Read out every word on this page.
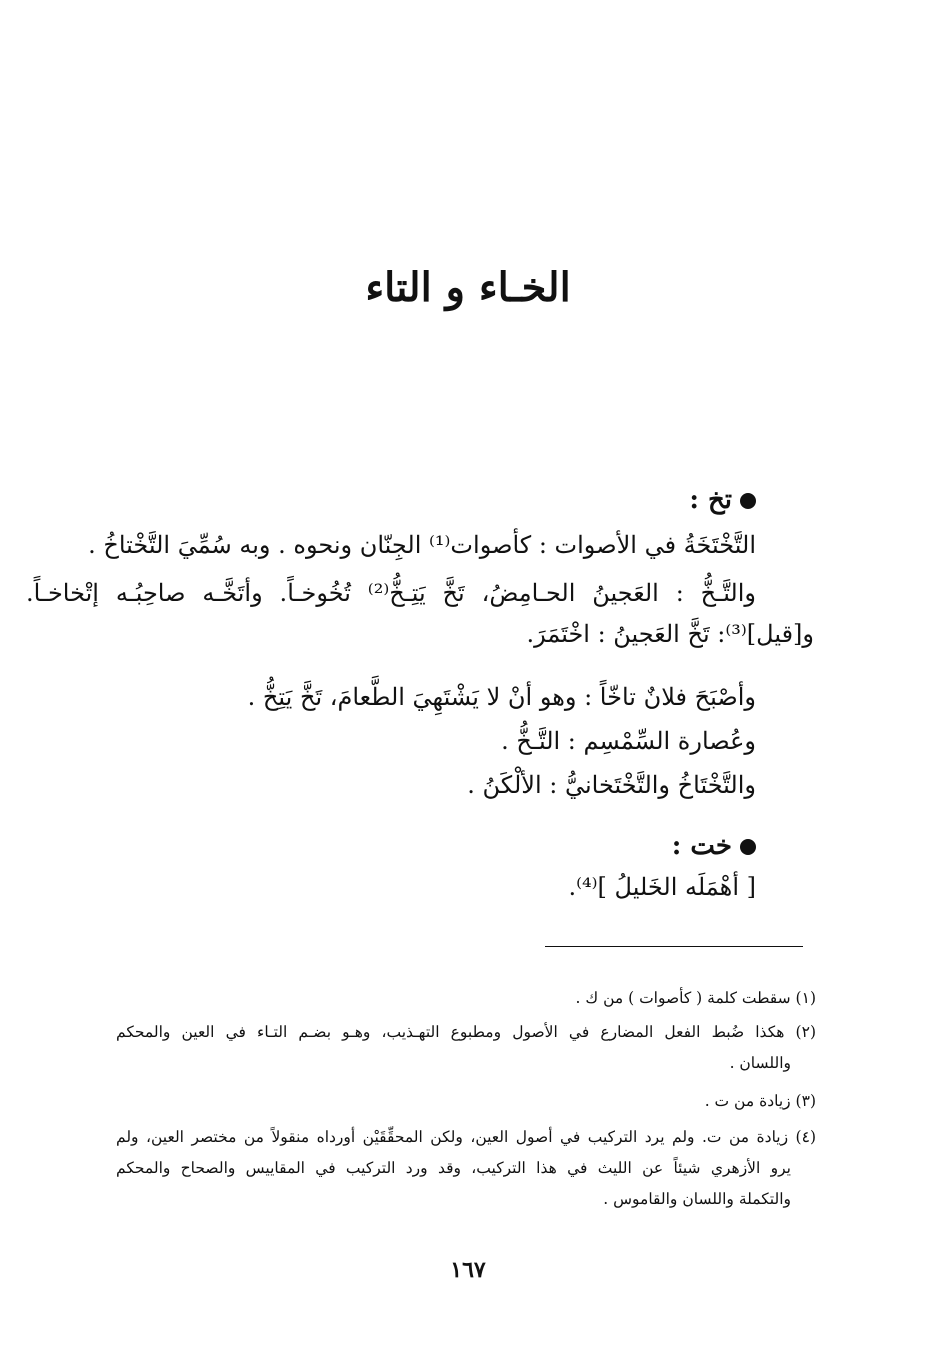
الخـاء و التاء
تخ :
التَّخْتَخَةُ في الأصوات : كأصوات⁽¹⁾ الجِنّان ونحوه . وبه سُمِّيَ التَّخْتاخُ .
والتَّـخُّ : العَجينُ الحـامِضُ، تَخَّ يَتِـخُّ⁽²⁾ تُخُوخـاً. وأتَخَّـه صاحِبُـه إتْخاخـاً.
و[قيل]⁽³⁾: تَخَّ العَجينُ : اخْتَمَرَ.
وأصْبَحَ فلانٌ تاخّاً : وهو أنْ لا يَشْتَهِيَ الطَّعامَ، تَخَّ يَتِخُّ .
وعُصارة السِّمْسِم : التَّـخُّ .
والتَّخْتَاخُ والتَّخْتَخانيُّ : الألْكَنُ .
خت :
[ أهْمَلَه الخَليلُ ]⁽⁴⁾.
(١) سقطت كلمة ( كأصوات ) من ك .
(٢) هكذا ضُبط الفعل المضارع في الأصول ومطبوع التهـذيب، وهـو بضـم التـاء في العين والمحكم
واللسان .
(٣) زيادة من ت .
(٤) زيادة من ت. ولم يرد التركيب في أصول العين، ولكن المحقِّقَيْن أورداه منقولاً من مختصر العين، ولم
يرو الأزهري شيئاً عن الليث في هذا التركيب، وقد ورد التركيب في المقاييس والصحاح والمحكم
والتكملة واللسان والقاموس .
١٦٧
